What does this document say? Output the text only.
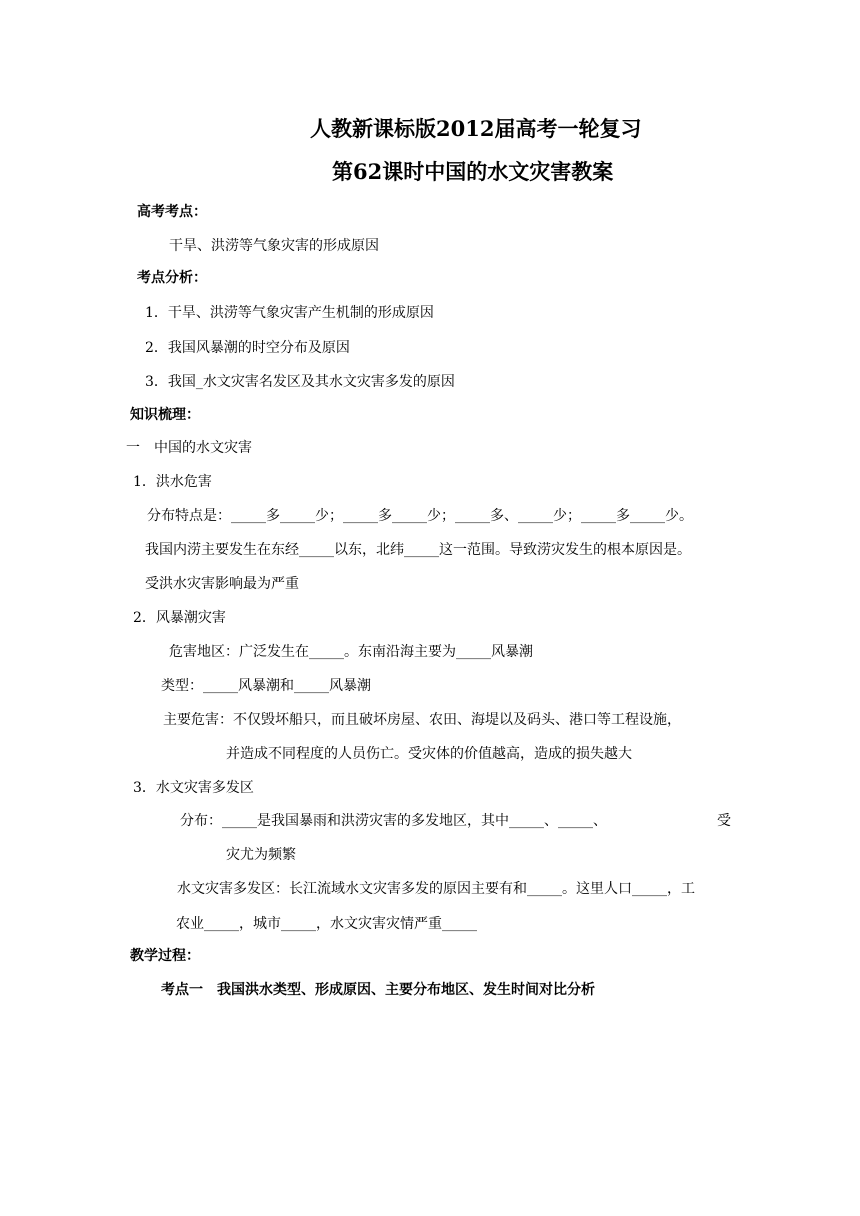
人教新课标版2012届高考一轮复习
第62课时中国的水文灾害教案
高考考点：
干旱、洪涝等气象灾害的形成原因
考点分析：
1．干旱、洪涝等气象灾害产生机制的形成原因
2．我国风暴潮的时空分布及原因
3．我国_水文灾害名发区及其水文灾害多发的原因
知识梳理：
一　中国的水文灾害
1．洪水危害
分布特点是：_____多_____少；_____多_____少；_____多、_____少；_____多_____少。
我国内涝主要发生在东经_____以东，北纬_____这一范围。导致涝灾发生的根本原因是。
受洪水灾害影响最为严重
2．风暴潮灾害
危害地区：广泛发生在_____。东南沿海主要为_____风暴潮
类型：_____风暴潮和_____风暴潮
主要危害：不仅毁坏船只，而且破坏房屋、农田、海堤以及码头、港口等工程设施，
并造成不同程度的人员伤亡。受灾体的价值越高，造成的损失越大
3．水文灾害多发区
分布：_____是我国暴雨和洪涝灾害的多发地区，其中_____、_____、	受
灾尤为频繁
水文灾害多发区：长江流域水文灾害多发的原因主要有和_____。这里人口_____，工
农业_____，城市_____，水文灾害灾情严重_____
教学过程：
考点一　我国洪水类型、形成原因、主要分布地区、发生时间对比分析
